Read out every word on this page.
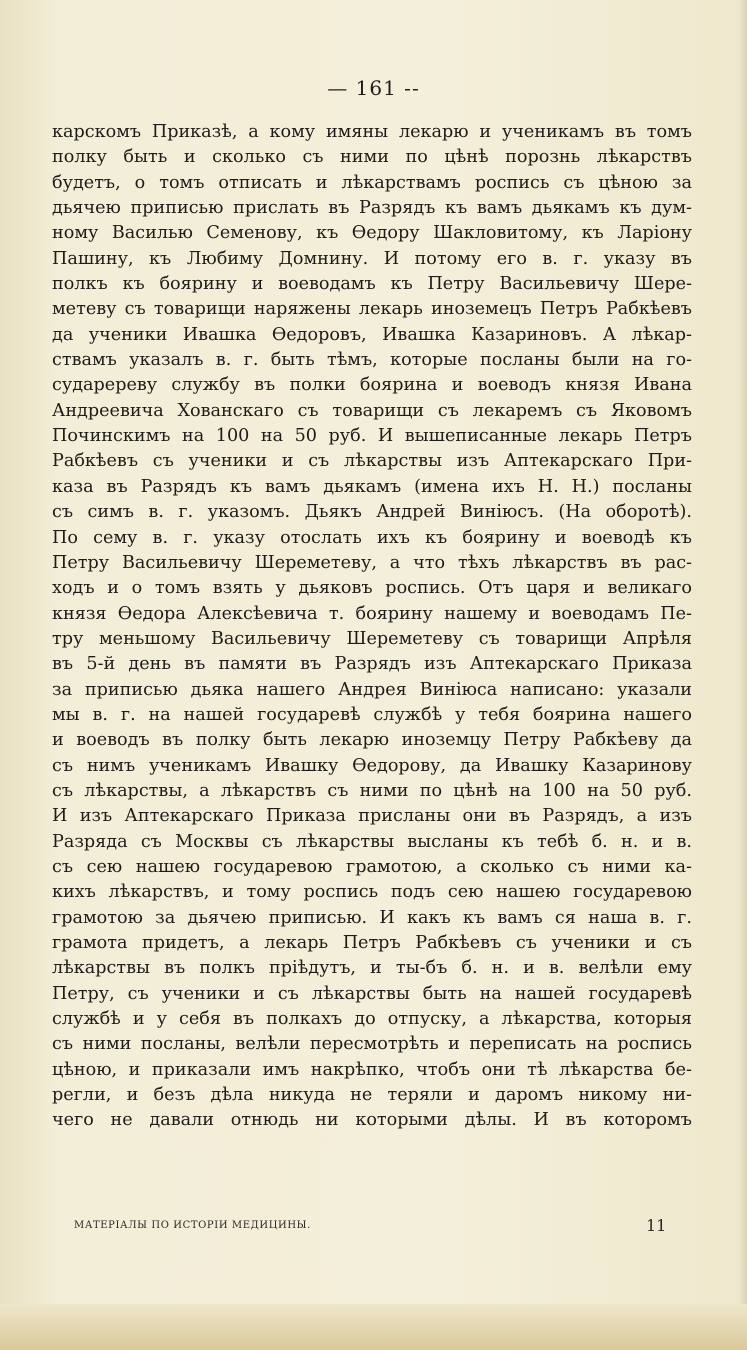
— 161 --
карскомъ Приказѣ, а кому имяны лекарю и ученикамъ въ томъ
полку быть и сколько съ ними по цѣнѣ порознь лѣкарствъ
будетъ, о томъ отписать и лѣкарствамъ роспись съ цѣною за
дьячею приписью прислать въ Разрядъ къ вамъ дьякамъ къ дум-
ному Василью Семенову, къ Ѳедору Шакловитому, къ Ларіону
Пашину, къ Любиму Домнину. И потому его в. г. указу въ
полкъ къ боярину и воеводамъ къ Петру Васильевичу Шере-
метеву съ товарищи наряжены лекарь иноземецъ Петръ Рабкѣевъ
да ученики Ивашка Ѳедоровъ, Ивашка Казариновъ. А лѣкар-
ствамъ указалъ в. г. быть тѣмъ, которые посланы были на го-
сударереву службу въ полки боярина и воеводъ князя Ивана
Андреевича Хованскаго съ товарищи съ лекаремъ съ Яковомъ
Починскимъ на 100 на 50 руб. И вышеписанные лекарь Петръ
Рабкѣевъ съ ученики и съ лѣкарствы изъ Аптекарскаго При-
каза въ Разрядъ къ вамъ дьякамъ (имена ихъ Н. Н.) посланы
съ симъ в. г. указомъ. Дьякъ Андрей Виніюсъ. (На оборотѣ).
По сему в. г. указу отослать ихъ къ боярину и воеводѣ къ
Петру Васильевичу Шереметеву, а что тѣхъ лѣкарствъ въ рас-
ходъ и о томъ взять у дьяковъ роспись. Отъ царя и великаго
князя Ѳедора Алексѣевича т. боярину нашему и воеводамъ Пе-
тру меньшому Васильевичу Шереметеву съ товарищи Апрѣля
въ 5-й день въ памяти въ Разрядъ изъ Аптекарскаго Приказа
за приписью дьяка нашего Андрея Виніюса написано: указали
мы в. г. на нашей государевѣ службѣ у тебя боярина нашего
и воеводъ въ полку быть лекарю иноземцу Петру Рабкѣеву да
съ нимъ ученикамъ Ивашку Ѳедорову, да Ивашку Казаринову
съ лѣкарствы, а лѣкарствъ съ ними по цѣнѣ на 100 на 50 руб.
И изъ Аптекарскаго Приказа присланы они въ Разрядъ, а изъ
Разряда съ Москвы съ лѣкарствы высланы къ тебѣ б. н. и в.
съ сею нашею государевою грамотою, а сколько съ ними ка-
кихъ лѣкарствъ, и тому роспись подъ сею нашею государевою
грамотою за дьячею приписью. И какъ къ вамъ ся наша в. г.
грамота придетъ, а лекарь Петръ Рабкѣевъ съ ученики и съ
лѣкарствы въ полкъ пріѣдутъ, и ты-бъ б. н. и в. велѣли ему
Петру, съ ученики и съ лѣкарствы быть на нашей государевѣ
службѣ и у себя въ полкахъ до отпуску, а лѣкарства, которыя
съ ними посланы, велѣли пересмотрѣть и переписать на роспись
цѣною, и приказали имъ накрѣпко, чтобъ они тѣ лѣкарства бе-
регли, и безъ дѣла никуда не теряли и даромъ никому ни-
чего не давали отнюдь ни которыми дѣлы. И въ которомъ
МАТЕРІАЛЫ ПО ИСТОРІИ МЕДИЦИНЫ.	11
